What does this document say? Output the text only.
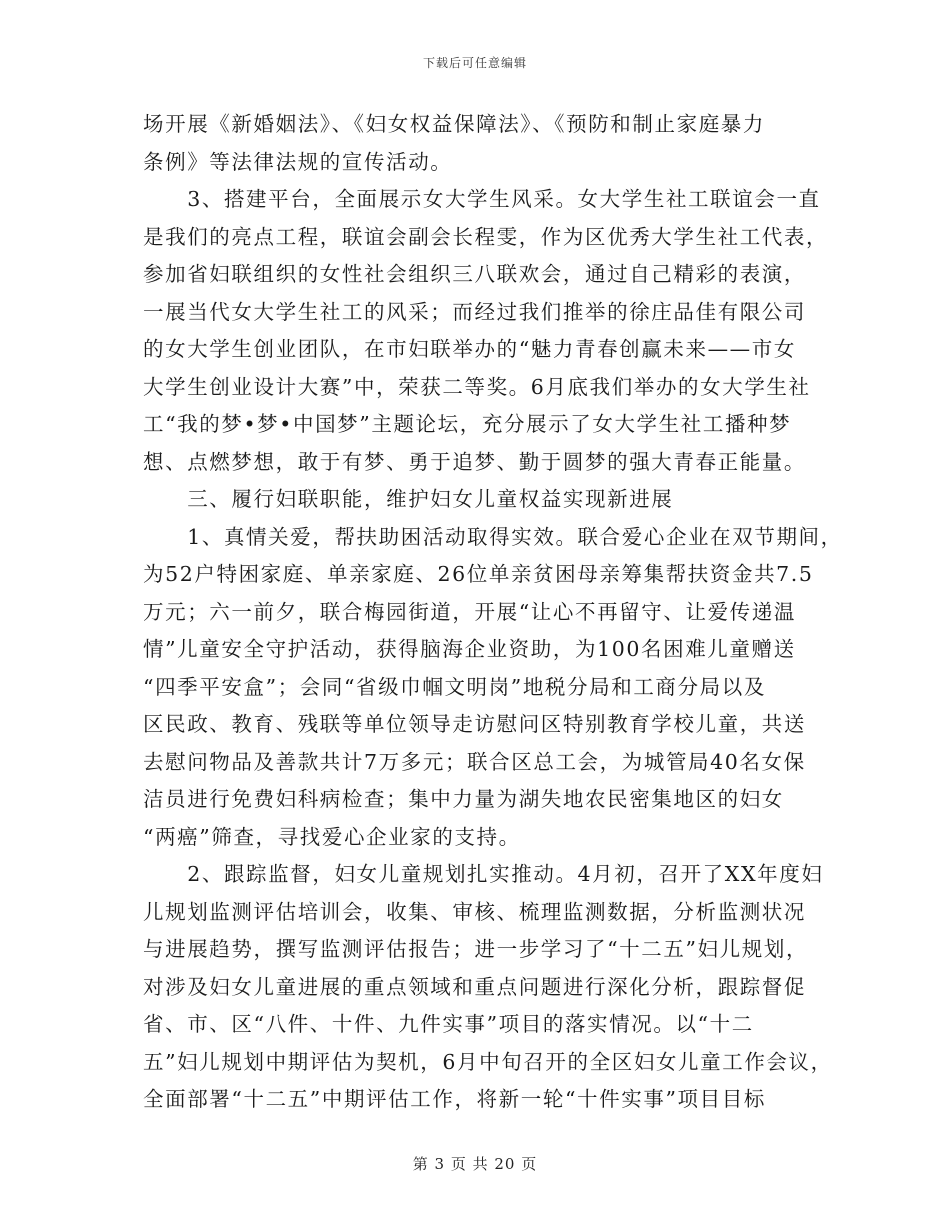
下载后可任意编辑
场开展《新婚姻法》、《妇女权益保障法》、《预防和制止家庭暴力
条例》等法律法规的宣传活动。
　　3、搭建平台，全面展示女大学生风采。女大学生社工联谊会一直
是我们的亮点工程，联谊会副会长程雯，作为区优秀大学生社工代表，
参加省妇联组织的女性社会组织三八联欢会，通过自己精彩的表演，
一展当代女大学生社工的风采；而经过我们推举的徐庄品佳有限公司
的女大学生创业团队，在市妇联举办的“魅力青春创赢未来——市女
大学生创业设计大赛”中，荣获二等奖。6月底我们举办的女大学生社
工“我的梦•梦•中国梦”主题论坛，充分展示了女大学生社工播种梦
想、点燃梦想，敢于有梦、勇于追梦、勤于圆梦的强大青春正能量。
　　三、履行妇联职能，维护妇女儿童权益实现新进展
　　1、真情关爱，帮扶助困活动取得实效。联合爱心企业在双节期间，
为52户特困家庭、单亲家庭、26位单亲贫困母亲筹集帮扶资金共7.5
万元；六一前夕，联合梅园街道，开展“让心不再留守、让爱传递温
情”儿童安全守护活动，获得脑海企业资助，为100名困难儿童赠送
“四季平安盒”；会同“省级巾帼文明岗”地税分局和工商分局以及
区民政、教育、残联等单位领导走访慰问区特别教育学校儿童，共送
去慰问物品及善款共计7万多元；联合区总工会，为城管局40名女保
洁员进行免费妇科病检查；集中力量为湖失地农民密集地区的妇女
“两癌”筛查，寻找爱心企业家的支持。
　　2、跟踪监督，妇女儿童规划扎实推动。4月初，召开了XX年度妇
儿规划监测评估培训会，收集、审核、梳理监测数据，分析监测状况
与进展趋势，撰写监测评估报告；进一步学习了“十二五”妇儿规划，
对涉及妇女儿童进展的重点领域和重点问题进行深化分析，跟踪督促
省、市、区“八件、十件、九件实事”项目的落实情况。以“十二
五”妇儿规划中期评估为契机，6月中旬召开的全区妇女儿童工作会议，
全面部署“十二五”中期评估工作，将新一轮“十件实事”项目目标
第 3 页 共 20 页
